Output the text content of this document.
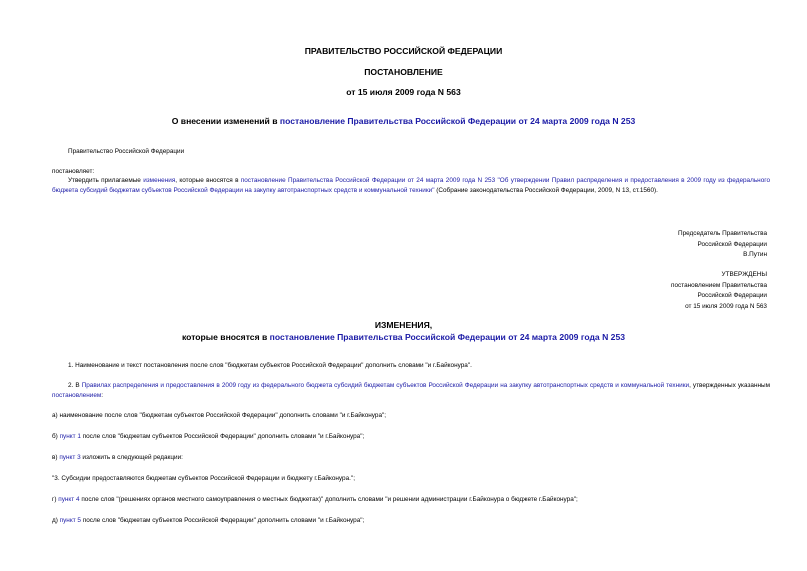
ПРАВИТЕЛЬСТВО РОССИЙСКОЙ ФЕДЕРАЦИИ
ПОСТАНОВЛЕНИЕ
от 15 июля 2009 года N 563
О внесении изменений в постановление Правительства Российской Федерации от 24 марта 2009 года N 253
Правительство Российской Федерации
постановляет:
Утвердить прилагаемые изменения, которые вносятся в постановление Правительства Российской Федерации от 24 марта 2009 года N 253 "Об утверждении Правил распределения и предоставления в 2009 году из федерального бюджета субсидий бюджетам субъектов Российской Федерации на закупку автотранспортных средств и коммунальной техники" (Собрание законодательства Российской Федерации, 2009, N 13, ст.1560).
Председатель Правительства
Российской Федерации
В.Путин
УТВЕРЖДЕНЫ
постановлением Правительства
Российской Федерации
от 15 июля 2009 года N 563
ИЗМЕНЕНИЯ,
которые вносятся в постановление Правительства Российской Федерации от 24 марта 2009 года N 253
1. Наименование и текст постановления после слов "бюджетам субъектов Российской Федерации" дополнить словами "и г.Байконура".
2. В Правилах распределения и предоставления в 2009 году из федерального бюджета субсидий бюджетам субъектов Российской Федерации на закупку автотранспортных средств и коммунальной техники, утвержденных указанным постановлением:
а) наименование после слов "бюджетам субъектов Российской Федерации" дополнить словами "и г.Байконура";
б) пункт 1 после слов "бюджетам субъектов Российской Федерации" дополнить словами "и г.Байконура";
в) пункт 3 изложить в следующей редакции:
"3. Субсидии предоставляются бюджетам субъектов Российской Федерации и бюджету г.Байконура.";
г) пункт 4 после слов "(решениях органов местного самоуправления о местных бюджетах)" дополнить словами "и решении администрации г.Байконура о бюджете г.Байконура";
д) пункт 5 после слов "бюджетам субъектов Российской Федерации" дополнить словами "и г.Байконура";
